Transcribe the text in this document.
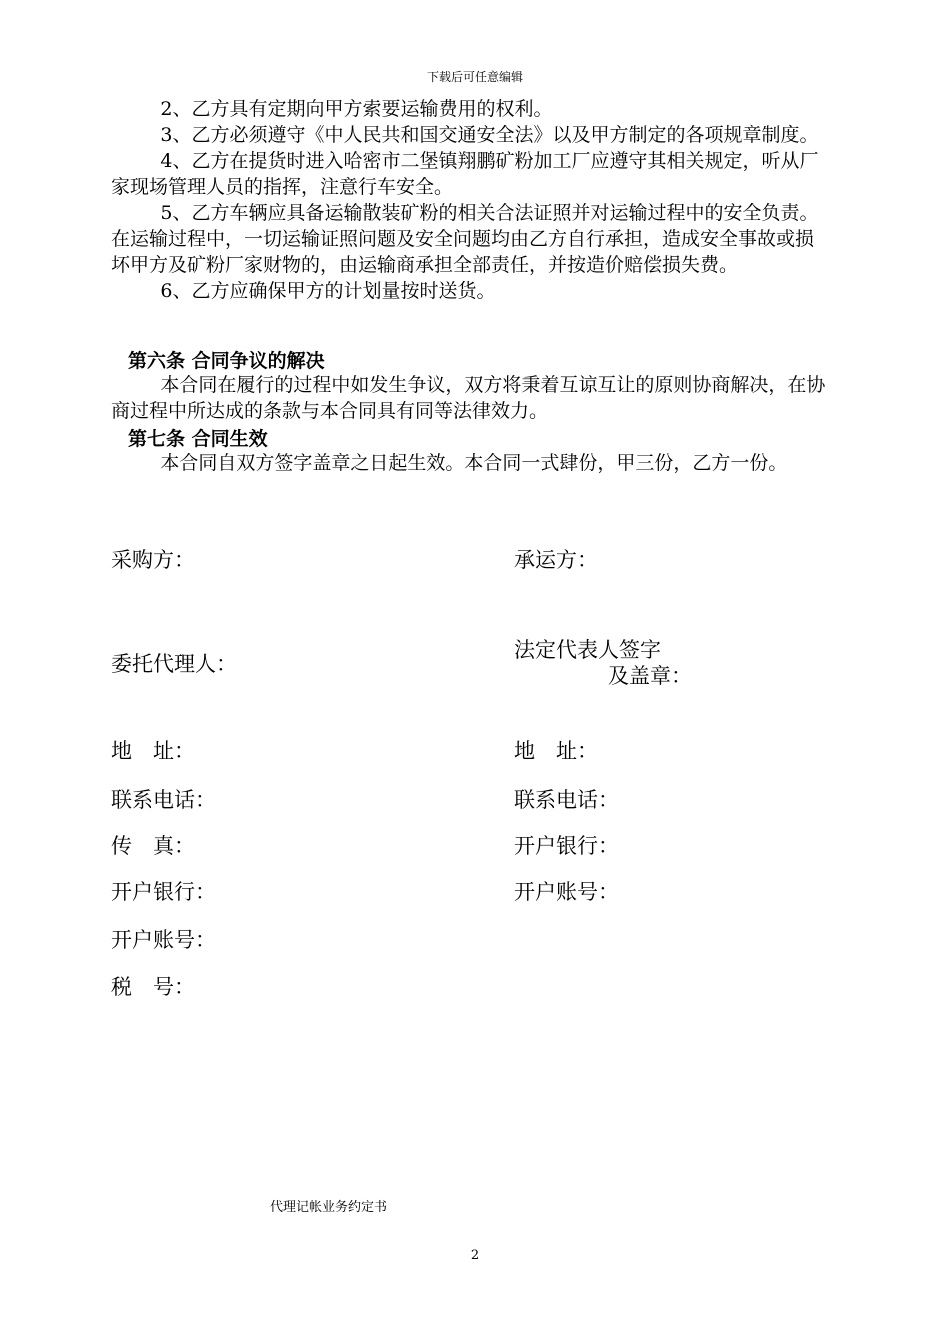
下载后可任意编辑

2、乙方具有定期向甲方索要运输费用的权利。

3、乙方必须遵守《中人民共和国交通安全法》以及甲方制定的各项规章制度。

4、乙方在提货时进入哈密市二堡镇翔鹏矿粉加工厂应遵守其相关规定，听从厂家现场管理人员的指挥，注意行车安全。

5、乙方车辆应具备运输散装矿粉的相关合法证照并对运输过程中的安全负责。在运输过程中，一切运输证照问题及安全问题均由乙方自行承担，造成安全事故或损坏甲方及矿粉厂家财物的，由运输商承担全部责任，并按造价赔偿损失费。

6、乙方应确保甲方的计划量按时送货。

第六条 合同争议的解决

本合同在履行的过程中如发生争议，双方将秉着互谅互让的原则协商解决，在协商过程中所达成的条款与本合同具有同等法律效力。

第七条 合同生效

本合同自双方签字盖章之日起生效。本合同一式肆份，甲三份，乙方一份。

采购方：
委托代理人：
地　址：
联系电话：
传　真：
开户银行：
开户账号：
税　号：
承运方：
法定代表人签字
及盖章：
地　址：
联系电话：
开户银行：
开户账号：
代理记帐业务约定书
2
